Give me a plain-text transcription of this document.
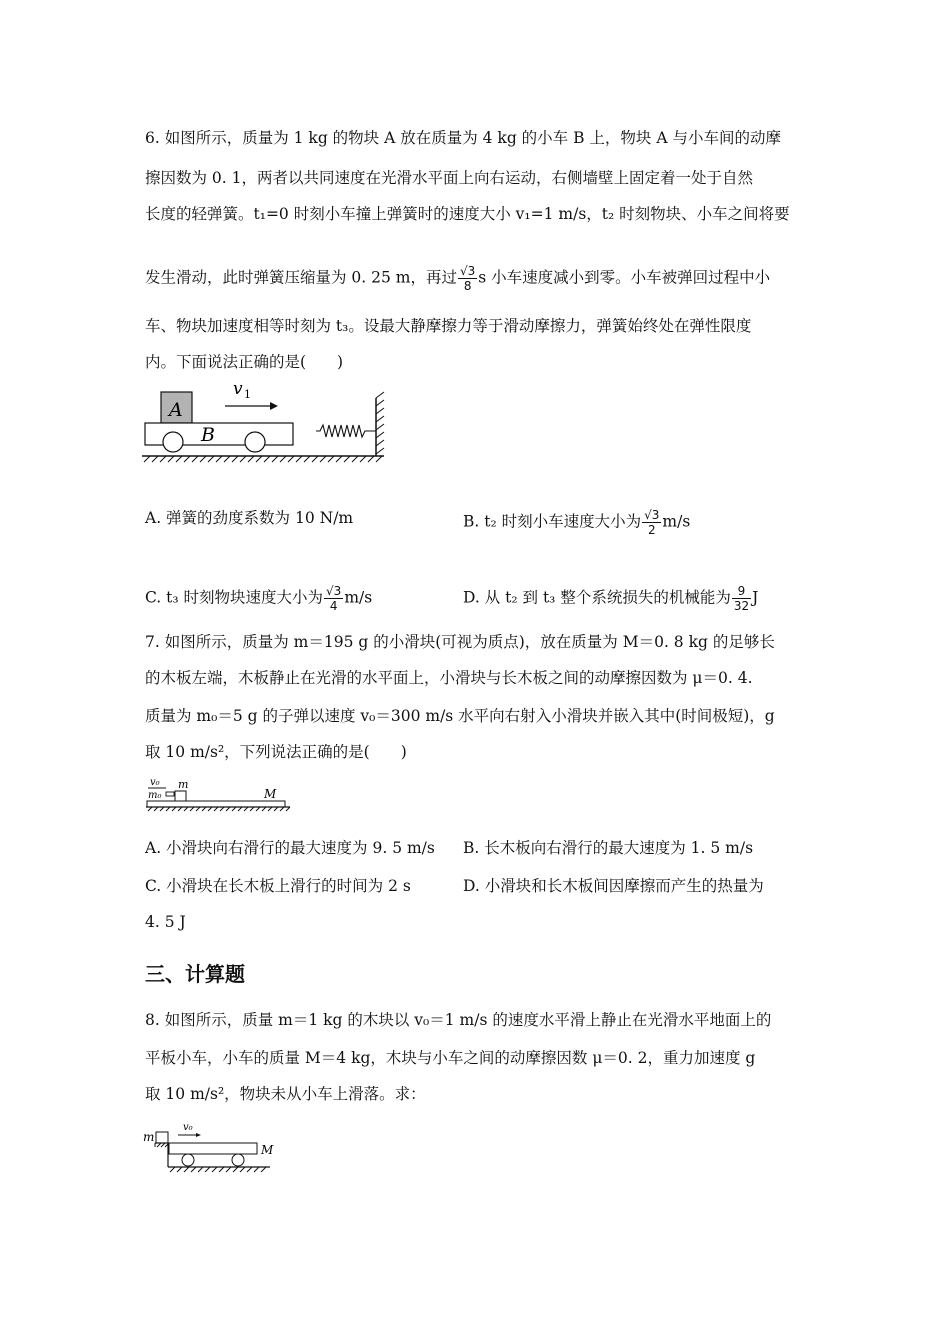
6. 如图所示，质量为 1 kg 的物块 A 放在质量为 4 kg 的小车 B 上，物块 A 与小车间的动摩
擦因数为 0. 1，两者以共同速度在光滑水平面上向右运动，右侧墙壁上固定着一处于自然
长度的轻弹簧。t₁=0 时刻小车撞上弹簧时的速度大小 v₁=1 m/s，t₂ 时刻物块、小车之间将要
发生滑动，此时弹簧压缩量为 0. 25 m，再过 $\frac{√3}{8}$ s 小车速度减小到零。小车被弹回过程中小
车、物块加速度相等时刻为 t₃。设最大静摩擦力等于滑动摩擦力，弹簧始终处在弹性限度
内。下面说法正确的是(　　)
A
B
v 1
A. 弹簧的劲度系数为 10 N/m	B. t₂ 时刻小车速度大小为 $\frac{√3}{2} m/s$
C. t₃ 时刻物块速度大小为 $\frac{√3}{4} m/s$	D. 从 t₂ 到 t₃ 整个系统损失的机械能为 $\frac{9}{32}$ J
7. 如图所示，质量为 m＝195 g 的小滑块(可视为质点)，放在质量为 M＝0. 8 kg 的足够长
的木板左端，木板静止在光滑的水平面上，小滑块与长木板之间的动摩擦因数为 μ＝0. 4.
质量为 m₀＝5 g 的子弹以速度 v₀＝300 m/s 水平向右射入小滑块并嵌入其中(时间极短)，g
取 10 m/s²，下列说法正确的是(　　)
v₀
m₀
m
M
A. 小滑块向右滑行的最大速度为 9. 5 m/s B. 长木板向右滑行的最大速度为 1. 5 m/s
C. 小滑块在长木板上滑行的时间为 2 s	D. 小滑块和长木板间因摩擦而产生的热量为
4. 5 J
三、计算题
8. 如图所示，质量 m＝1 kg 的木块以 v₀＝1 m/s 的速度水平滑上静止在光滑水平地面上的
平板小车，小车的质量 M＝4 kg，木块与小车之间的动摩擦因数 μ＝0. 2，重力加速度 g
取 10 m/s²，物块未从小车上滑落。求：
m
v₀
M
